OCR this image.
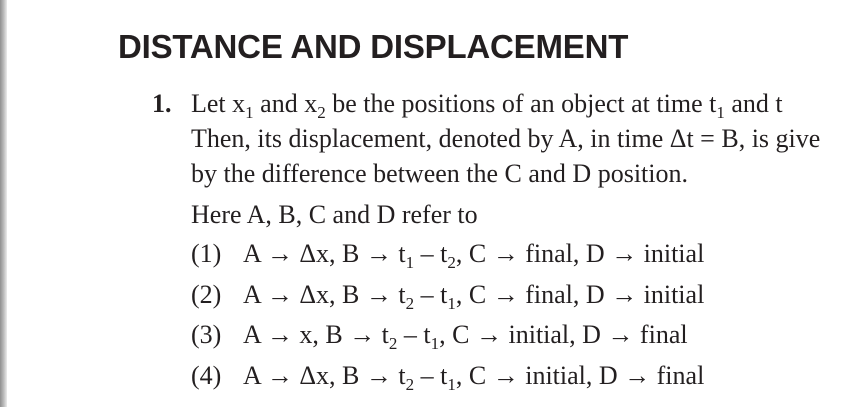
DISTANCE AND DISPLACEMENT
1. Let $x_1$ and $x_2$ be the positions of an object at time $t_1$ and t
Then, its displacement, denoted by A, in time Δt = B, is give
by the difference between the C and D position.
Here A, B, C and D refer to
(1) A → Δx, $B \to t_1 - t_2$, C → final, D → initial
(2) A → Δx, $B \to t_2 - t_1$, C → final, D → initial
(3) A → x, $B \to t_2 - t_1$, C → initial, D → final
(4) A → Δx, $B \to t_2 - t_1$, C → initial, D → final
